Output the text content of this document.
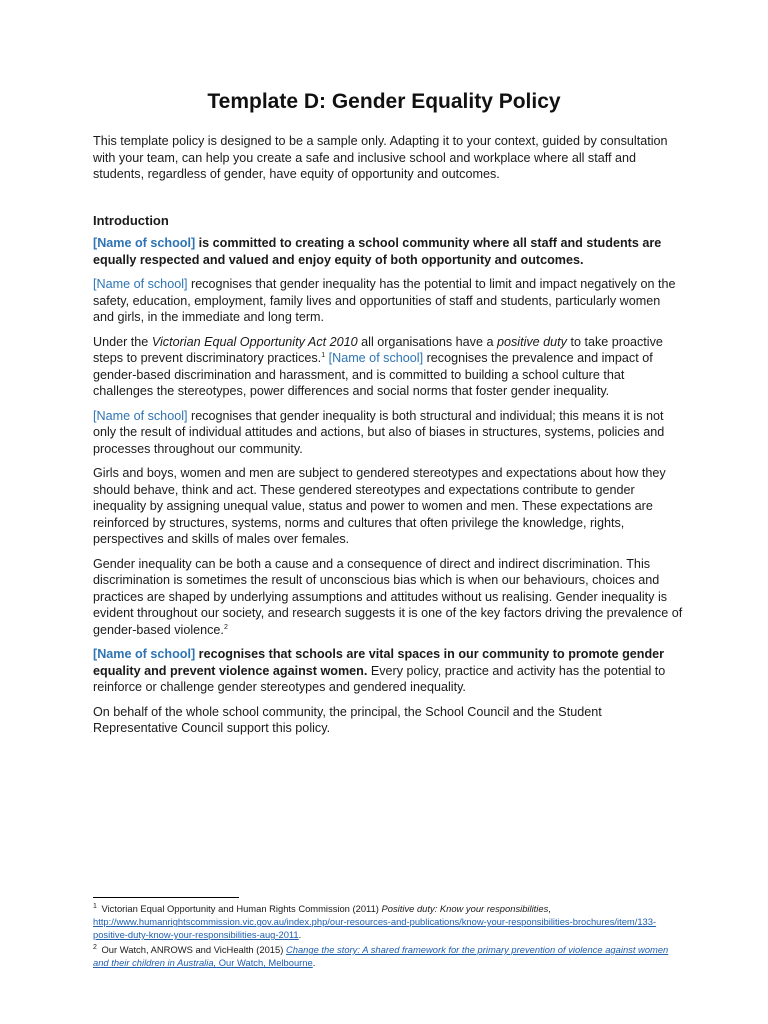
Template D: Gender Equality Policy

This template policy is designed to be a sample only. Adapting it to your context, guided by consultation with your team, can help you create a safe and inclusive school and workplace where all staff and students, regardless of gender, have equity of opportunity and outcomes.

Introduction

[Name of school] is committed to creating a school community where all staff and students are equally respected and valued and enjoy equity of both opportunity and outcomes.

[Name of school] recognises that gender inequality has the potential to limit and impact negatively on the safety, education, employment, family lives and opportunities of staff and students, particularly women and girls, in the immediate and long term.

Under the Victorian Equal Opportunity Act 2010 all organisations have a positive duty to take proactive steps to prevent discriminatory practices.$^1$ [Name of school] recognises the prevalence and impact of gender-based discrimination and harassment, and is committed to building a school culture that challenges the stereotypes, power differences and social norms that foster gender inequality.

[Name of school] recognises that gender inequality is both structural and individual; this means it is not only the result of individual attitudes and actions, but also of biases in structures, systems, policies and processes throughout our community.

Girls and boys, women and men are subject to gendered stereotypes and expectations about how they should behave, think and act. These gendered stereotypes and expectations contribute to gender inequality by assigning unequal value, status and power to women and men. These expectations are reinforced by structures, systems, norms and cultures that often privilege the knowledge, rights, perspectives and skills of males over females.

Gender inequality can be both a cause and a consequence of direct and indirect discrimination. This discrimination is sometimes the result of unconscious bias which is when our behaviours, choices and practices are shaped by underlying assumptions and attitudes without us realising. Gender inequality is evident throughout our society, and research suggests it is one of the key factors driving the prevalence of gender-based violence.$^2$

[Name of school] recognises that schools are vital spaces in our community to promote gender equality and prevent violence against women. Every policy, practice and activity has the potential to reinforce or challenge gender stereotypes and gendered inequality.

On behalf of the whole school community, the principal, the School Council and the Student Representative Council support this policy.

$^1$ Victorian Equal Opportunity and Human Rights Commission (2011) Positive duty: Know your responsibilities, http://www.humanrightscommission.vic.gov.au/index.php/our-resources-and-publications/know-your-responsibilities-brochures/item/133-positive-duty-know-your-responsibilities-aug-2011.

$^2$ Our Watch, ANROWS and VicHealth (2015) Change the story: A shared framework for the primary prevention of violence against women and their children in Australia, Our Watch, Melbourne.
